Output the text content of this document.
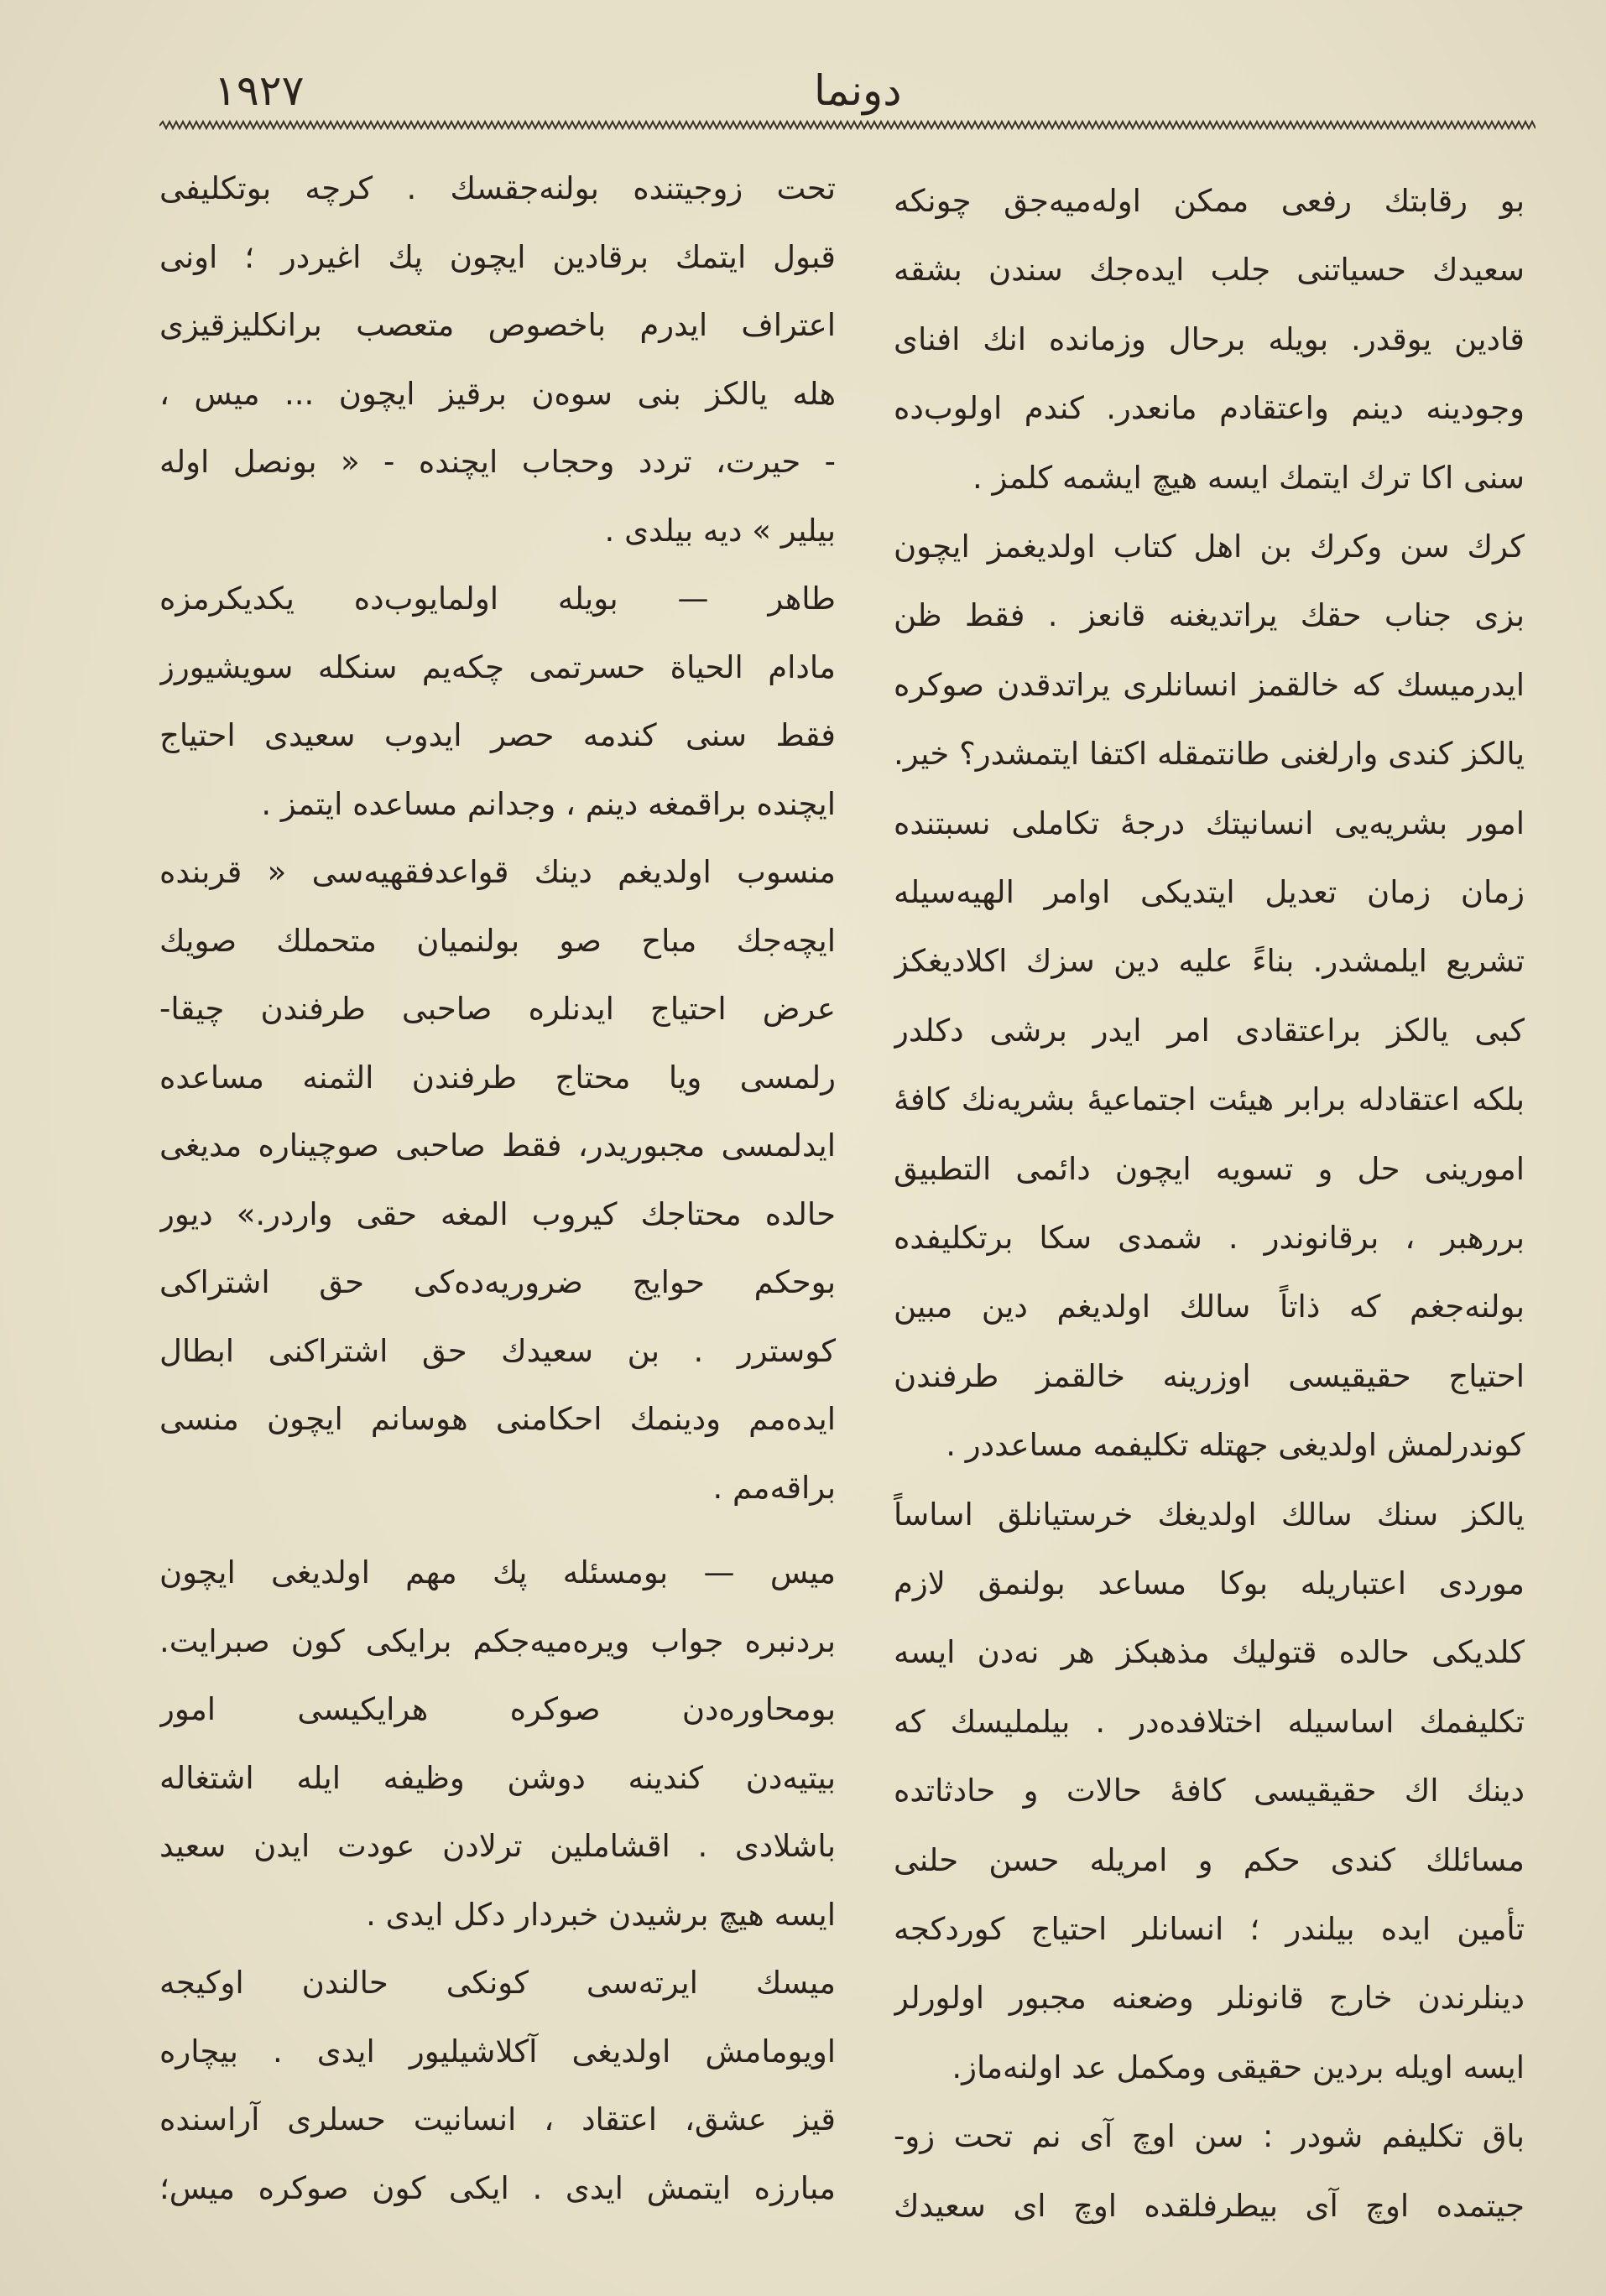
۱۹۲۷	دونما
بو رقابتك رفعى ممكن اوله‌میه‌جق چونكه
سعیدك حسیاتنى جلب ایده‌جك سندن بشقه
قادین یوقدر. بویله برحال وزمانده انك افنای
وجودینه دینم واعتقادم مانعدر. كندم اولوب‌ده
سنى اكا ترك ایتمك ایسه هیچ ایشمه كلمز .
كرك سن وكرك بن اهل كتاب اولدیغمز ایچون
بزى جناب حقك یراتدیغنه قانعز . فقط ظن
ایدرمیسك كه خالقمز انسانلرى یراتدقدن صوكره
یالكز كندى وارلغنى طانتمقله اكتفا ایتمشدر؟ خیر.
امور بشریه‌یى انسانیتك درجهٔ تكاملى نسبتنده
زمان زمان تعدیل ایتدیكى اوامر الهیه‌سیله
تشریع ایلمشدر. بناءً علیه دین سزك اكلادیغكز
كبى یالكز براعتقادى امر ایدر برشى دكلدر
بلكه اعتقادله برابر هیئت اجتماعیهٔ بشریه‌نك كافهٔ
امورینى حل و تسویه ایچون دائمى التطبیق
بررهبر ، برقانوندر . شمدى سكا برتكلیفده
بولنه‌جغم كه ذاتاً سالك اولدیغم دین مبین
احتیاج حقیقیسى اوزرینه خالقمز طرفندن
كوندرلمش اولدیغى جهتله تكلیفمه مساعددر .
یالكز سنك سالك اولدیغك خرستیانلق اساساً
موردى اعتباریله بوكا مساعد بولنمق لازم
كلدیكى حالده قتولیك مذهبكز هر نه‌دن ایسه
تكلیفمك اساسیله اختلافده‌در . بیلملیسك كه
دینك اك حقیقیسى كافهٔ حالات و حادثاتده
مسائلك كندى حكم و امریله حسن حلنى
تأمین ایده بیلندر ؛ انسانلر احتیاج كوردكجه
دینلرندن خارج قانونلر وضعنه مجبور اولورلر
ایسه اویله بردین حقیقى ومكمل عد اولنه‌ماز.
باق تكلیفم شودر : سن اوچ آى نم تحت زو-
جیتمده اوچ آى بیطرفلقده اوچ اى سعیدك
تحت زوجیتنده بولنه‌جقسك . كرچه بوتكلیفى
قبول ایتمك برقادین ایچون پك اغیردر ؛ اونى
اعتراف ایدرم باخصوص متعصب برانكلیزقیزى
هله یالكز بنى سوه‌ن برقیز ایچون ... میس ،
- حیرت، تردد وحجاب ایچنده - « بونصل اوله
بیلیر » دیه بیلدى .
طاهر — بویله اولمایوب‌ده یكدیكرمزه
مادام الحیاة حسرتمى چكه‌یم سنكله سویشیورز
فقط سنى كندمه حصر ایدوب سعیدى احتیاج
ایچنده براقمغه دینم ، وجدانم مساعده ایتمز .
منسوب اولدیغم دینك قواعدفقهیه‌سى « قربنده
ایچه‌جك مباح صو بولنمیان متحملك صویك
عرض احتیاج ایدنلره صاحبى طرفندن چیقا-
رلمسى ویا محتاج طرفندن الثمنه مساعده
ایدلمسى مجبوریدر، فقط صاحبى صوچیناره مدیغى
حالده محتاجك كیروب المغه حقى واردر.» دیور
بوحكم حوایج ضروریه‌ده‌كى حق اشتراكى
كوسترر . بن سعیدك حق اشتراكنى ابطال
ایده‌مم ودینمك احكامنى هوسانم ایچون منسى
براقه‌مم .
میس — بومسئله پك مهم اولدیغى ایچون
بردنبره جواب ویره‌میه‌جكم برایكى كون صبرایت.
بومحاوره‌دن صوكره هرایكیسى امور
بیتیه‌دن كندینه دوشن وظیفه ایله اشتغاله
باشلادى . اقشاملین ترلادن عودت ایدن سعید
ایسه هیچ برشیدن خبردار دكل ایدى .
میسك ایرته‌سى كونكى حالندن اوكیجه
اویومامش اولدیغى آكلاشیلیور ایدى . بیچاره
قیز عشق، اعتقاد ، انسانیت حسلرى آراسنده
مبارزه ایتمش ایدى . ایكى كون صوكره میس؛
